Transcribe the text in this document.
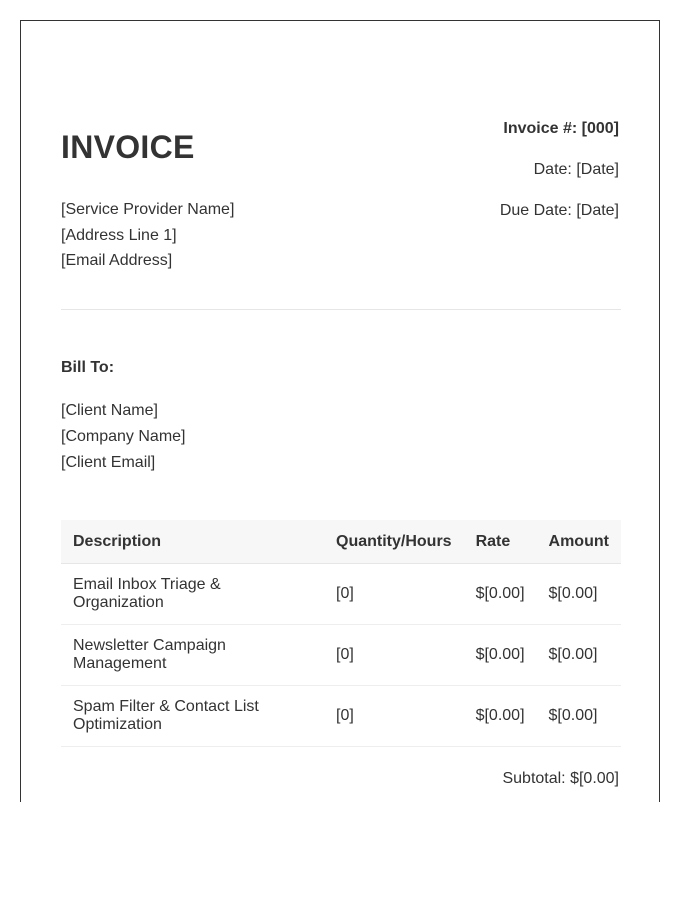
INVOICE
[Service Provider Name]
[Address Line 1]
[Email Address]
Invoice #: [000]
Date: [Date]
Due Date: [Date]
Bill To:
[Client Name]
[Company Name]
[Client Email]
Description	Quantity/Hours	Rate	Amount
Email Inbox Triage & Organization	[0]	$[0.00]	$[0.00]
Newsletter Campaign Management	[0]	$[0.00]	$[0.00]
Spam Filter & Contact List Optimization	[0]	$[0.00]	$[0.00]
Subtotal: $[0.00]
